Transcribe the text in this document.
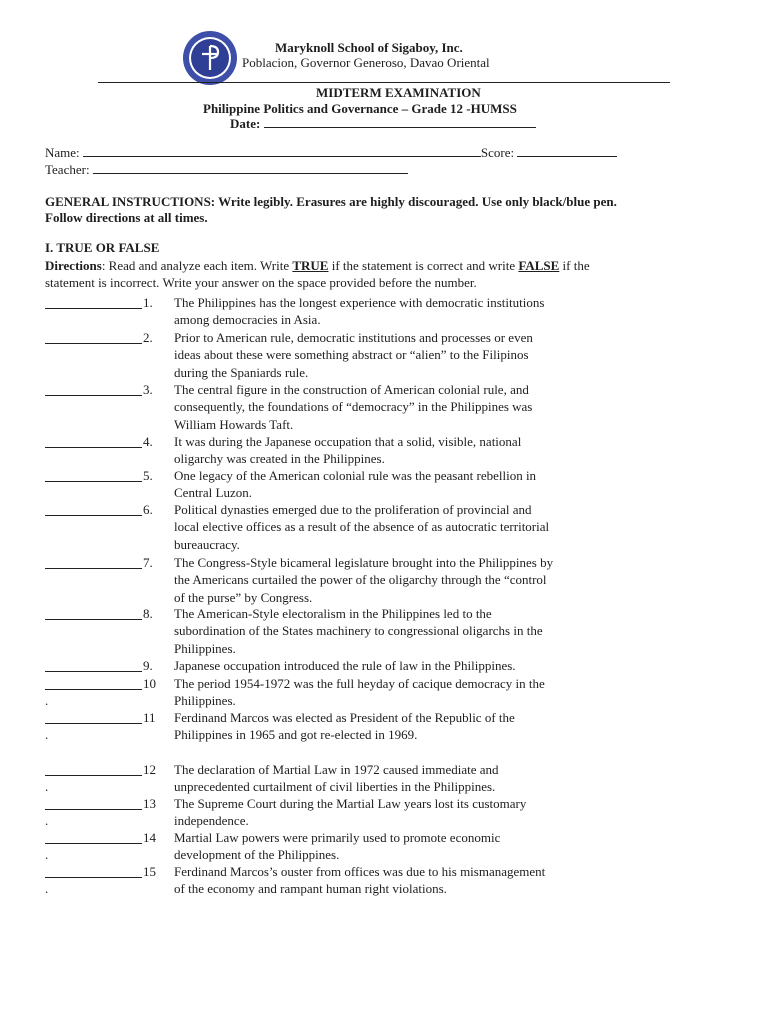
Maryknoll School of Sigaboy, Inc.
Poblacion, Governor Generoso, Davao Oriental
MIDTERM EXAMINATION
Philippine Politics and Governance – Grade 12 -HUMSS
Date:
Name:	Score:
Teacher:
GENERAL INSTRUCTIONS: Write legibly. Erasures are highly discouraged. Use only black/blue pen.
Follow directions at all times.
I. TRUE OR FALSE
Directions: Read and analyze each item. Write TRUE if the statement is correct and write FALSE if the
statement is incorrect. Write your answer on the space provided before the number.
1. The Philippines has the longest experience with democratic institutions
among democracies in Asia.
2. Prior to American rule, democratic institutions and processes or even
ideas about these were something abstract or “alien” to the Filipinos
during the Spaniards rule.
3. The central figure in the construction of American colonial rule, and
consequently, the foundations of “democracy” in the Philippines was
William Howards Taft.
4. It was during the Japanese occupation that a solid, visible, national
oligarchy was created in the Philippines.
5. One legacy of the American colonial rule was the peasant rebellion in
Central Luzon.
6. Political dynasties emerged due to the proliferation of provincial and
local elective offices as a result of the absence of as autocratic territorial
bureaucracy.
7. The Congress-Style bicameral legislature brought into the Philippines by
the Americans curtailed the power of the oligarchy through the “control
of the purse” by Congress.
8. The American-Style electoralism in the Philippines led to the
subordination of the States machinery to congressional oligarchs in the
Philippines.
9. Japanese occupation introduced the rule of law in the Philippines.
10
.
The period 1954-1972 was the full heyday of cacique democracy in the
Philippines.
11
.
Ferdinand Marcos was elected as President of the Republic of the
Philippines in 1965 and got re-elected in 1969.
12
.
The declaration of Martial Law in 1972 caused immediate and
unprecedented curtailment of civil liberties in the Philippines.
13
.
The Supreme Court during the Martial Law years lost its customary
independence.
14
.
Martial Law powers were primarily used to promote economic
development of the Philippines.
15
.
Ferdinand Marcos’s ouster from offices was due to his mismanagement
of the economy and rampant human right violations.
